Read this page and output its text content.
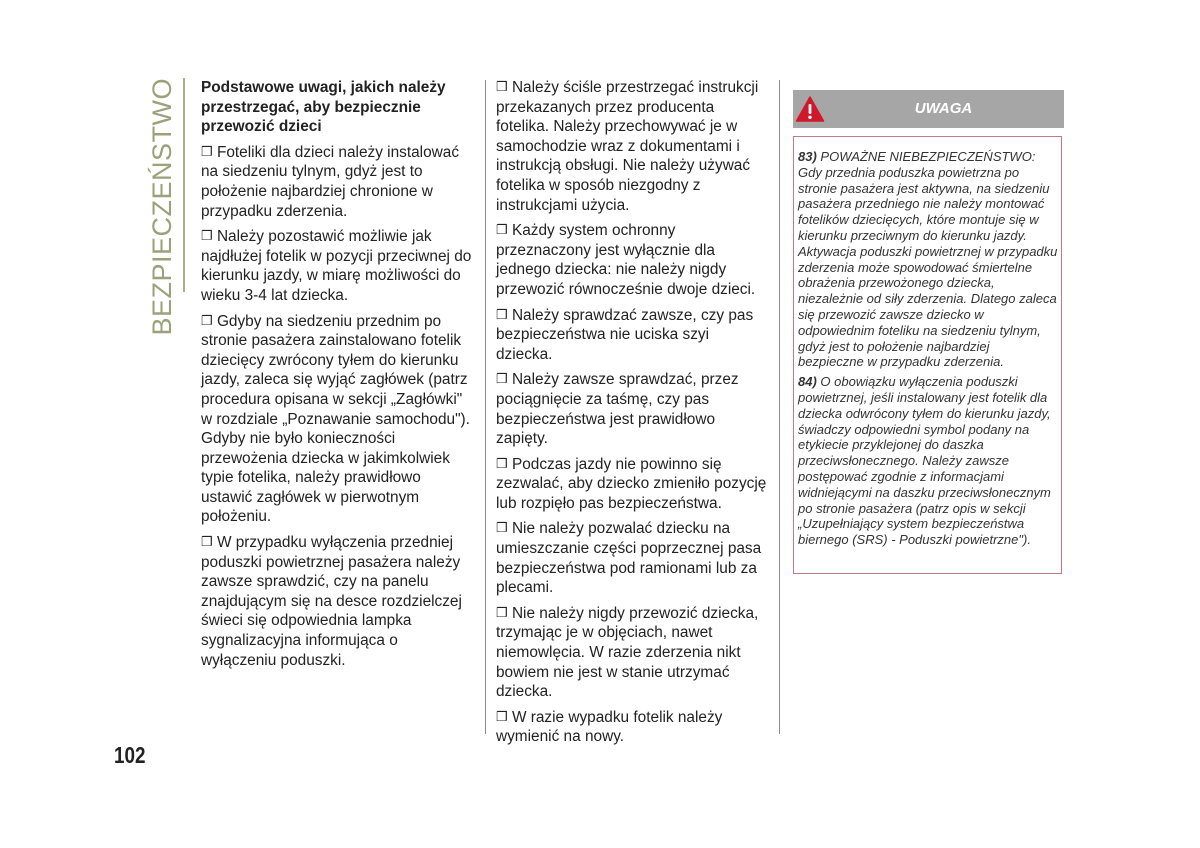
BEZPIECZEŃSTWO	Podstawowe uwagi, jakich należy przestrzegać, aby bezpiecznie przewozić dzieci

❒ Foteliki dla dzieci należy instalować na siedzeniu tylnym, gdyż jest to położenie najbardziej chronione w przypadku zderzenia.

❒ Należy pozostawić możliwie jak najdłużej fotelik w pozycji przeciwnej do kierunku jazdy, w miarę możliwości do wieku 3-4 lat dziecka.

❒ Gdyby na siedzeniu przednim po stronie pasażera zainstalowano fotelik dziecięcy zwrócony tyłem do kierunku jazdy, zaleca się wyjąć zagłówek (patrz procedura opisana w sekcji „Zagłówki" w rozdziale „Poznawanie samochodu"). Gdyby nie było konieczności przewożenia dziecka w jakimkolwiek typie fotelika, należy prawidłowo ustawić zagłówek w pierwotnym położeniu.

❒ W przypadku wyłączenia przedniej poduszki powietrznej pasażera należy zawsze sprawdzić, czy na panelu znajdującym się na desce rozdzielczej świeci się odpowiednia lampka sygnalizacyjna informująca o wyłączeniu poduszki.

❒ Należy ściśle przestrzegać instrukcji przekazanych przez producenta fotelika. Należy przechowywać je w samochodzie wraz z dokumentami i instrukcją obsługi. Nie należy używać fotelika w sposób niezgodny z instrukcjami użycia.

❒ Każdy system ochronny przeznaczony jest wyłącznie dla jednego dziecka: nie należy nigdy przewozić równocześnie dwoje dzieci.

❒ Należy sprawdzać zawsze, czy pas bezpieczeństwa nie uciska szyi dziecka.

❒ Należy zawsze sprawdzać, przez pociągnięcie za taśmę, czy pas bezpieczeństwa jest prawidłowo zapięty.

❒ Podczas jazdy nie powinno się zezwalać, aby dziecko zmieniło pozycję lub rozpięło pas bezpieczeństwa.

❒ Nie należy pozwalać dziecku na umieszczanie części poprzecznej pasa bezpieczeństwa pod ramionami lub za plecami.

❒ Nie należy nigdy przewozić dziecka, trzymając je w objęciach, nawet niemowlęcia. W razie zderzenia nikt bowiem nie jest w stanie utrzymać dziecka.

❒ W razie wypadku fotelik należy wymienić na nowy.

UWAGA

83) POWAŻNE NIEBEZPIECZEŃSTWO: Gdy przednia poduszka powietrzna po stronie pasażera jest aktywna, na siedzeniu pasażera przedniego nie należy montować fotelików dziecięcych, które montuje się w kierunku przeciwnym do kierunku jazdy. Aktywacja poduszki powietrznej w przypadku zderzenia może spowodować śmiertelne obrażenia przewożonego dziecka, niezależnie od siły zderzenia. Dlatego zaleca się przewozić zawsze dziecko w odpowiednim foteliku na siedzeniu tylnym, gdyż jest to położenie najbardziej bezpieczne w przypadku zderzenia.

84) O obowiązku wyłączenia poduszki powietrznej, jeśli instalowany jest fotelik dla dziecka odwrócony tyłem do kierunku jazdy, świadczy odpowiedni symbol podany na etykiecie przyklejonej do daszka przeciwsłonecznego. Należy zawsze postępować zgodnie z informacjami widniejącymi na daszku przeciwsłonecznym po stronie pasażera (patrz opis w sekcji „Uzupełniający system bezpieczeństwa biernego (SRS) - Poduszki powietrzne").

102
